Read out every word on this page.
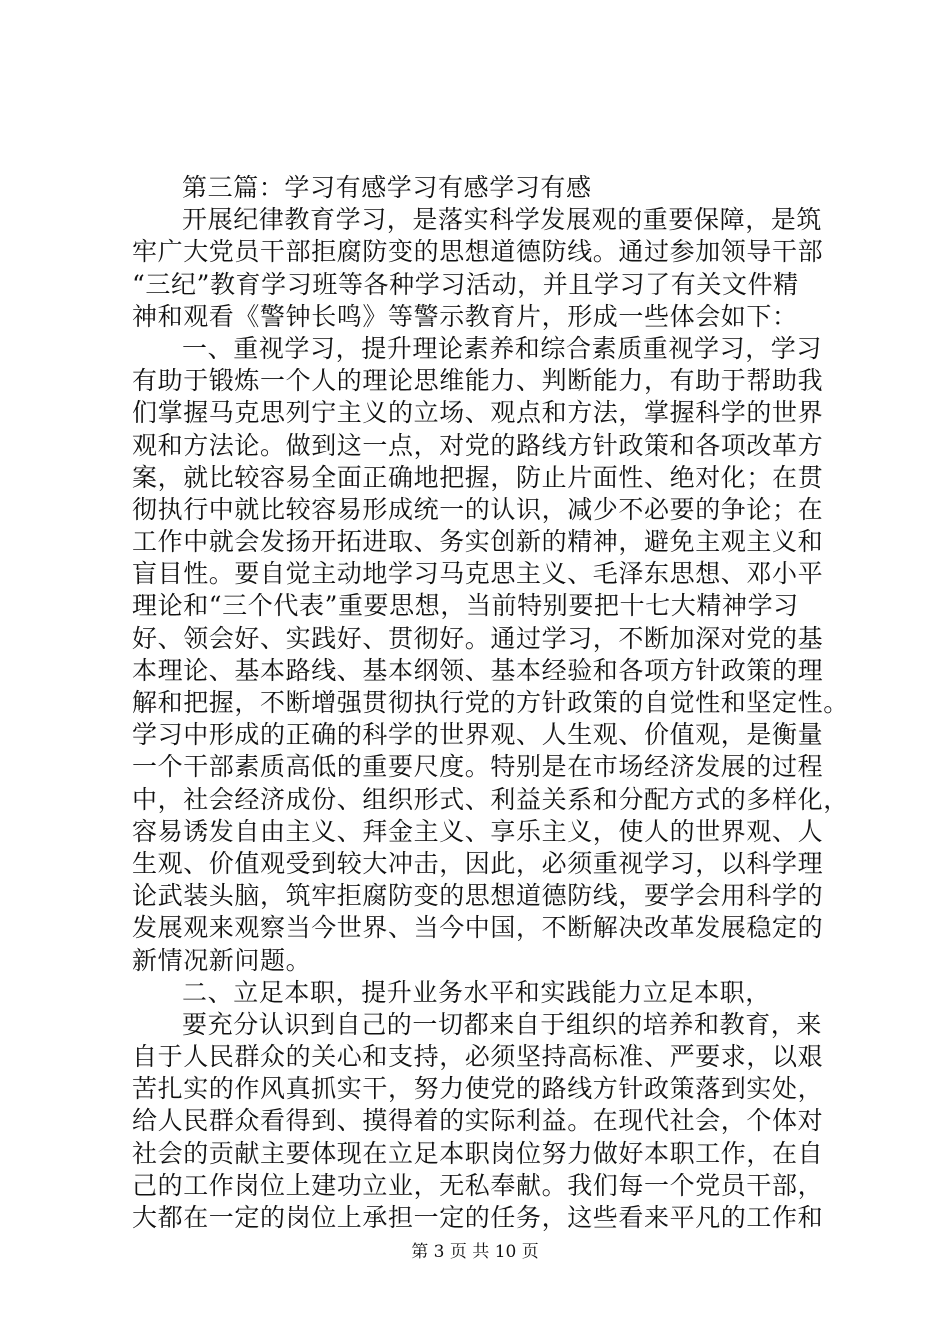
第三篇：学习有感学习有感学习有感
开展纪律教育学习，是落实科学发展观的重要保障，是筑
牢广大党员干部拒腐防变的思想道德防线。通过参加领导干部
“三纪”教育学习班等各种学习活动，并且学习了有关文件精
神和观看《警钟长鸣》等警示教育片，形成一些体会如下：
一、重视学习，提升理论素养和综合素质重视学习，学习
有助于锻炼一个人的理论思维能力、判断能力，有助于帮助我
们掌握马克思列宁主义的立场、观点和方法，掌握科学的世界
观和方法论。做到这一点，对党的路线方针政策和各项改革方
案，就比较容易全面正确地把握，防止片面性、绝对化；在贯
彻执行中就比较容易形成统一的认识，减少不必要的争论；在
工作中就会发扬开拓进取、务实创新的精神，避免主观主义和
盲目性。要自觉主动地学习马克思主义、毛泽东思想、邓小平
理论和“三个代表”重要思想，当前特别要把十七大精神学习
好、领会好、实践好、贯彻好。通过学习，不断加深对党的基
本理论、基本路线、基本纲领、基本经验和各项方针政策的理
解和把握，不断增强贯彻执行党的方针政策的自觉性和坚定性。
学习中形成的正确的科学的世界观、人生观、价值观，是衡量
一个干部素质高低的重要尺度。特别是在市场经济发展的过程
中，社会经济成份、组织形式、利益关系和分配方式的多样化，
容易诱发自由主义、拜金主义、享乐主义，使人的世界观、人
生观、价值观受到较大冲击，因此，必须重视学习，以科学理
论武装头脑，筑牢拒腐防变的思想道德防线，要学会用科学的
发展观来观察当今世界、当今中国，不断解决改革发展稳定的
新情况新问题。
二、立足本职，提升业务水平和实践能力立足本职，
要充分认识到自己的一切都来自于组织的培养和教育，来
自于人民群众的关心和支持，必须坚持高标准、严要求，以艰
苦扎实的作风真抓实干，努力使党的路线方针政策落到实处，
给人民群众看得到、摸得着的实际利益。在现代社会，个体对
社会的贡献主要体现在立足本职岗位努力做好本职工作，在自
己的工作岗位上建功立业，无私奉献。我们每一个党员干部，
大都在一定的岗位上承担一定的任务，这些看来平凡的工作和
第 3 页 共 10 页
